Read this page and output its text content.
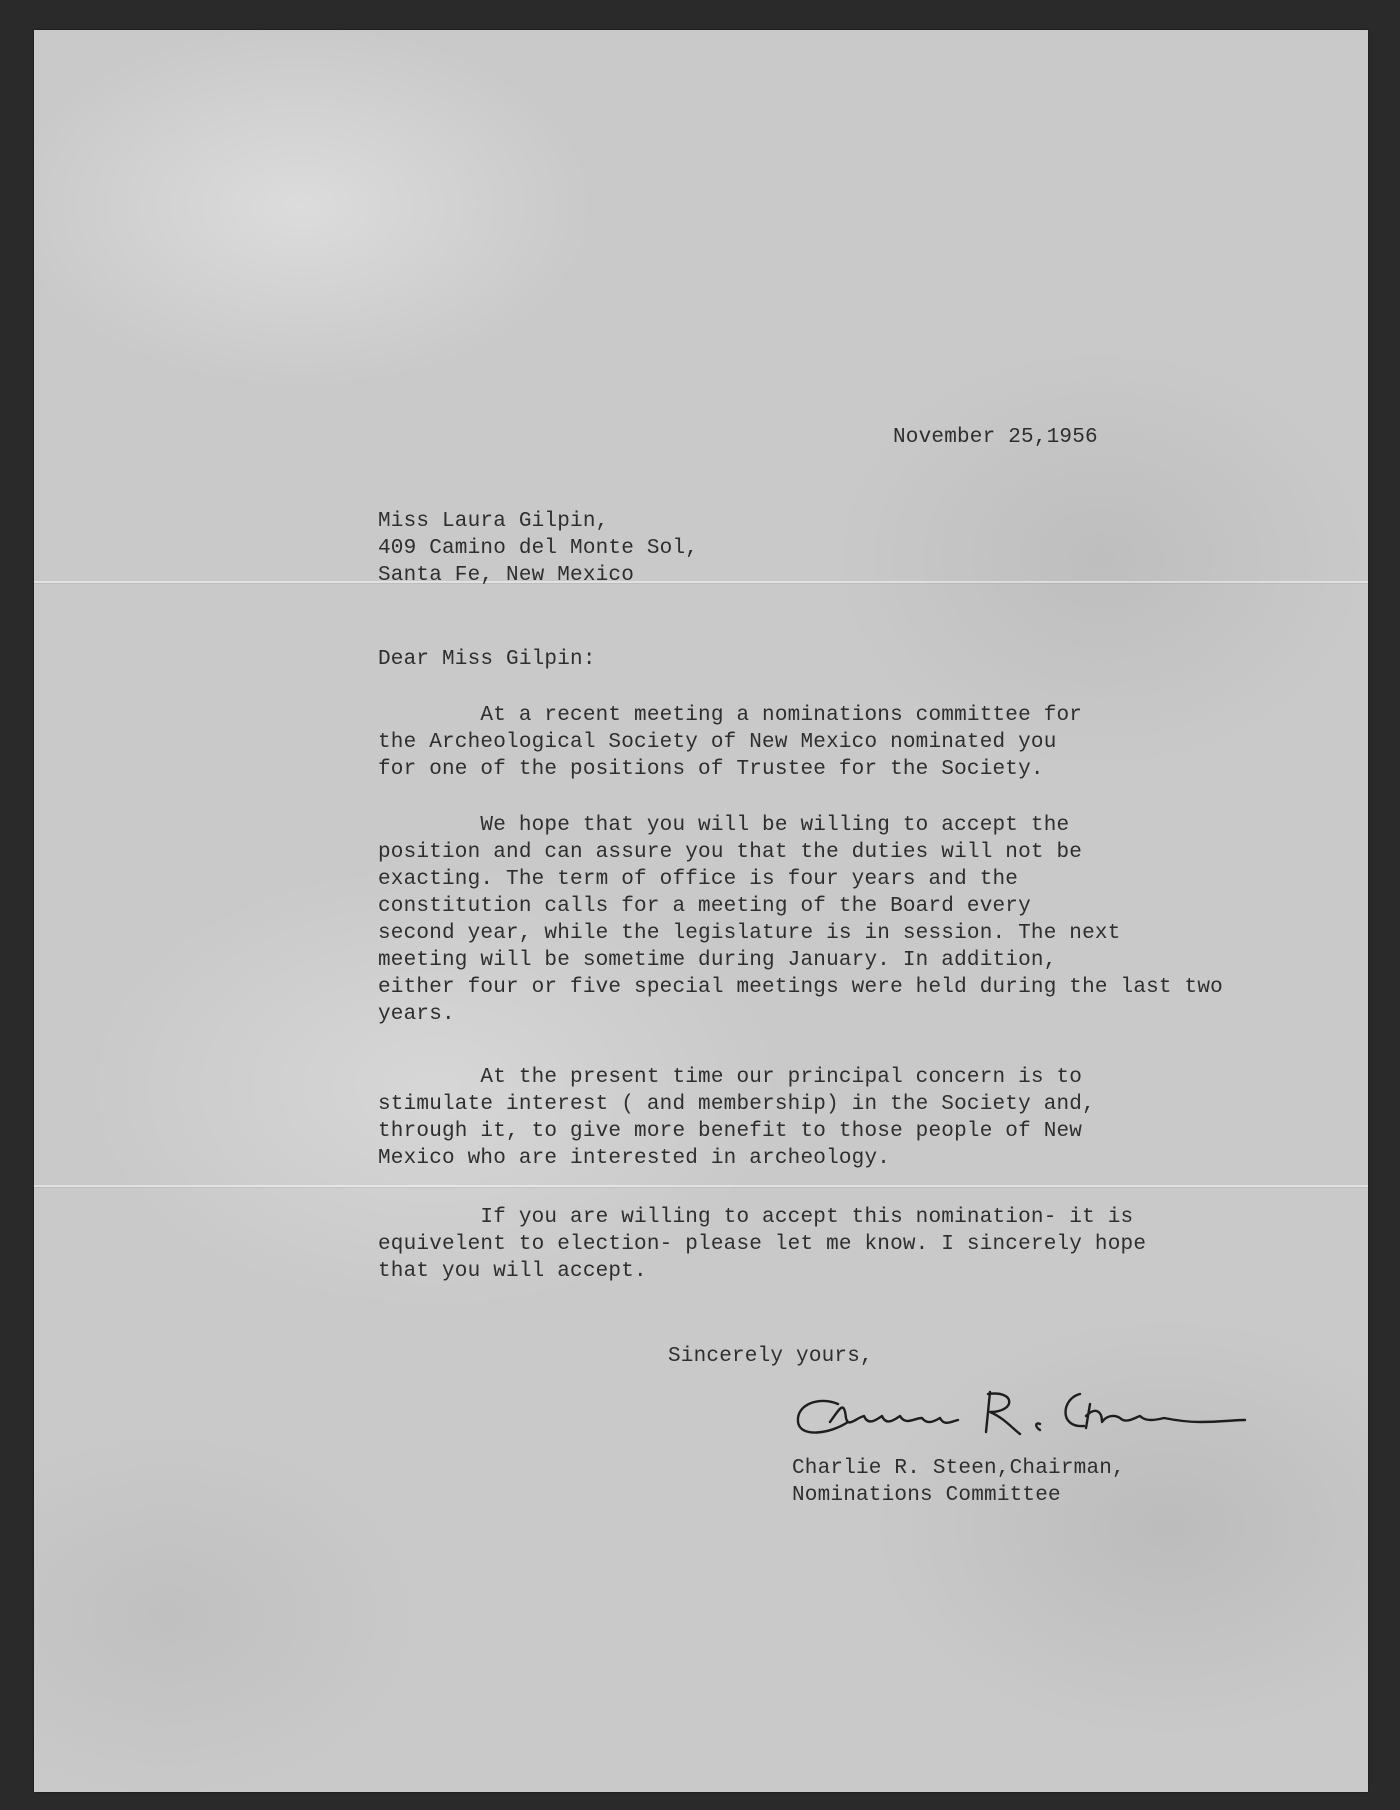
November 25,1956
Miss Laura Gilpin,
409 Camino del Monte Sol,
Santa Fe, New Mexico
Dear Miss Gilpin:
At a recent meeting a nominations committee for
the Archeological Society of New Mexico nominated you
for one of the positions of Trustee for the Society.
We hope that you will be willing to accept the
position and can assure you that the duties will not be
exacting. The term of office is four years and the
constitution calls for a meeting of the Board every
second year, while the legislature is in session. The next
meeting will be sometime during January. In addition,
either four or five special meetings were held during the last two
years.
At the present time our principal concern is to
stimulate interest ( and membership) in the Society and,
through it, to give more benefit to those people of New
Mexico who are interested in archeology.
If you are willing to accept this nomination- it is
equivelent to election- please let me know. I sincerely hope
that you will accept.
Sincerely yours,
Charlie R. Steen,Chairman,
Nominations Committee
